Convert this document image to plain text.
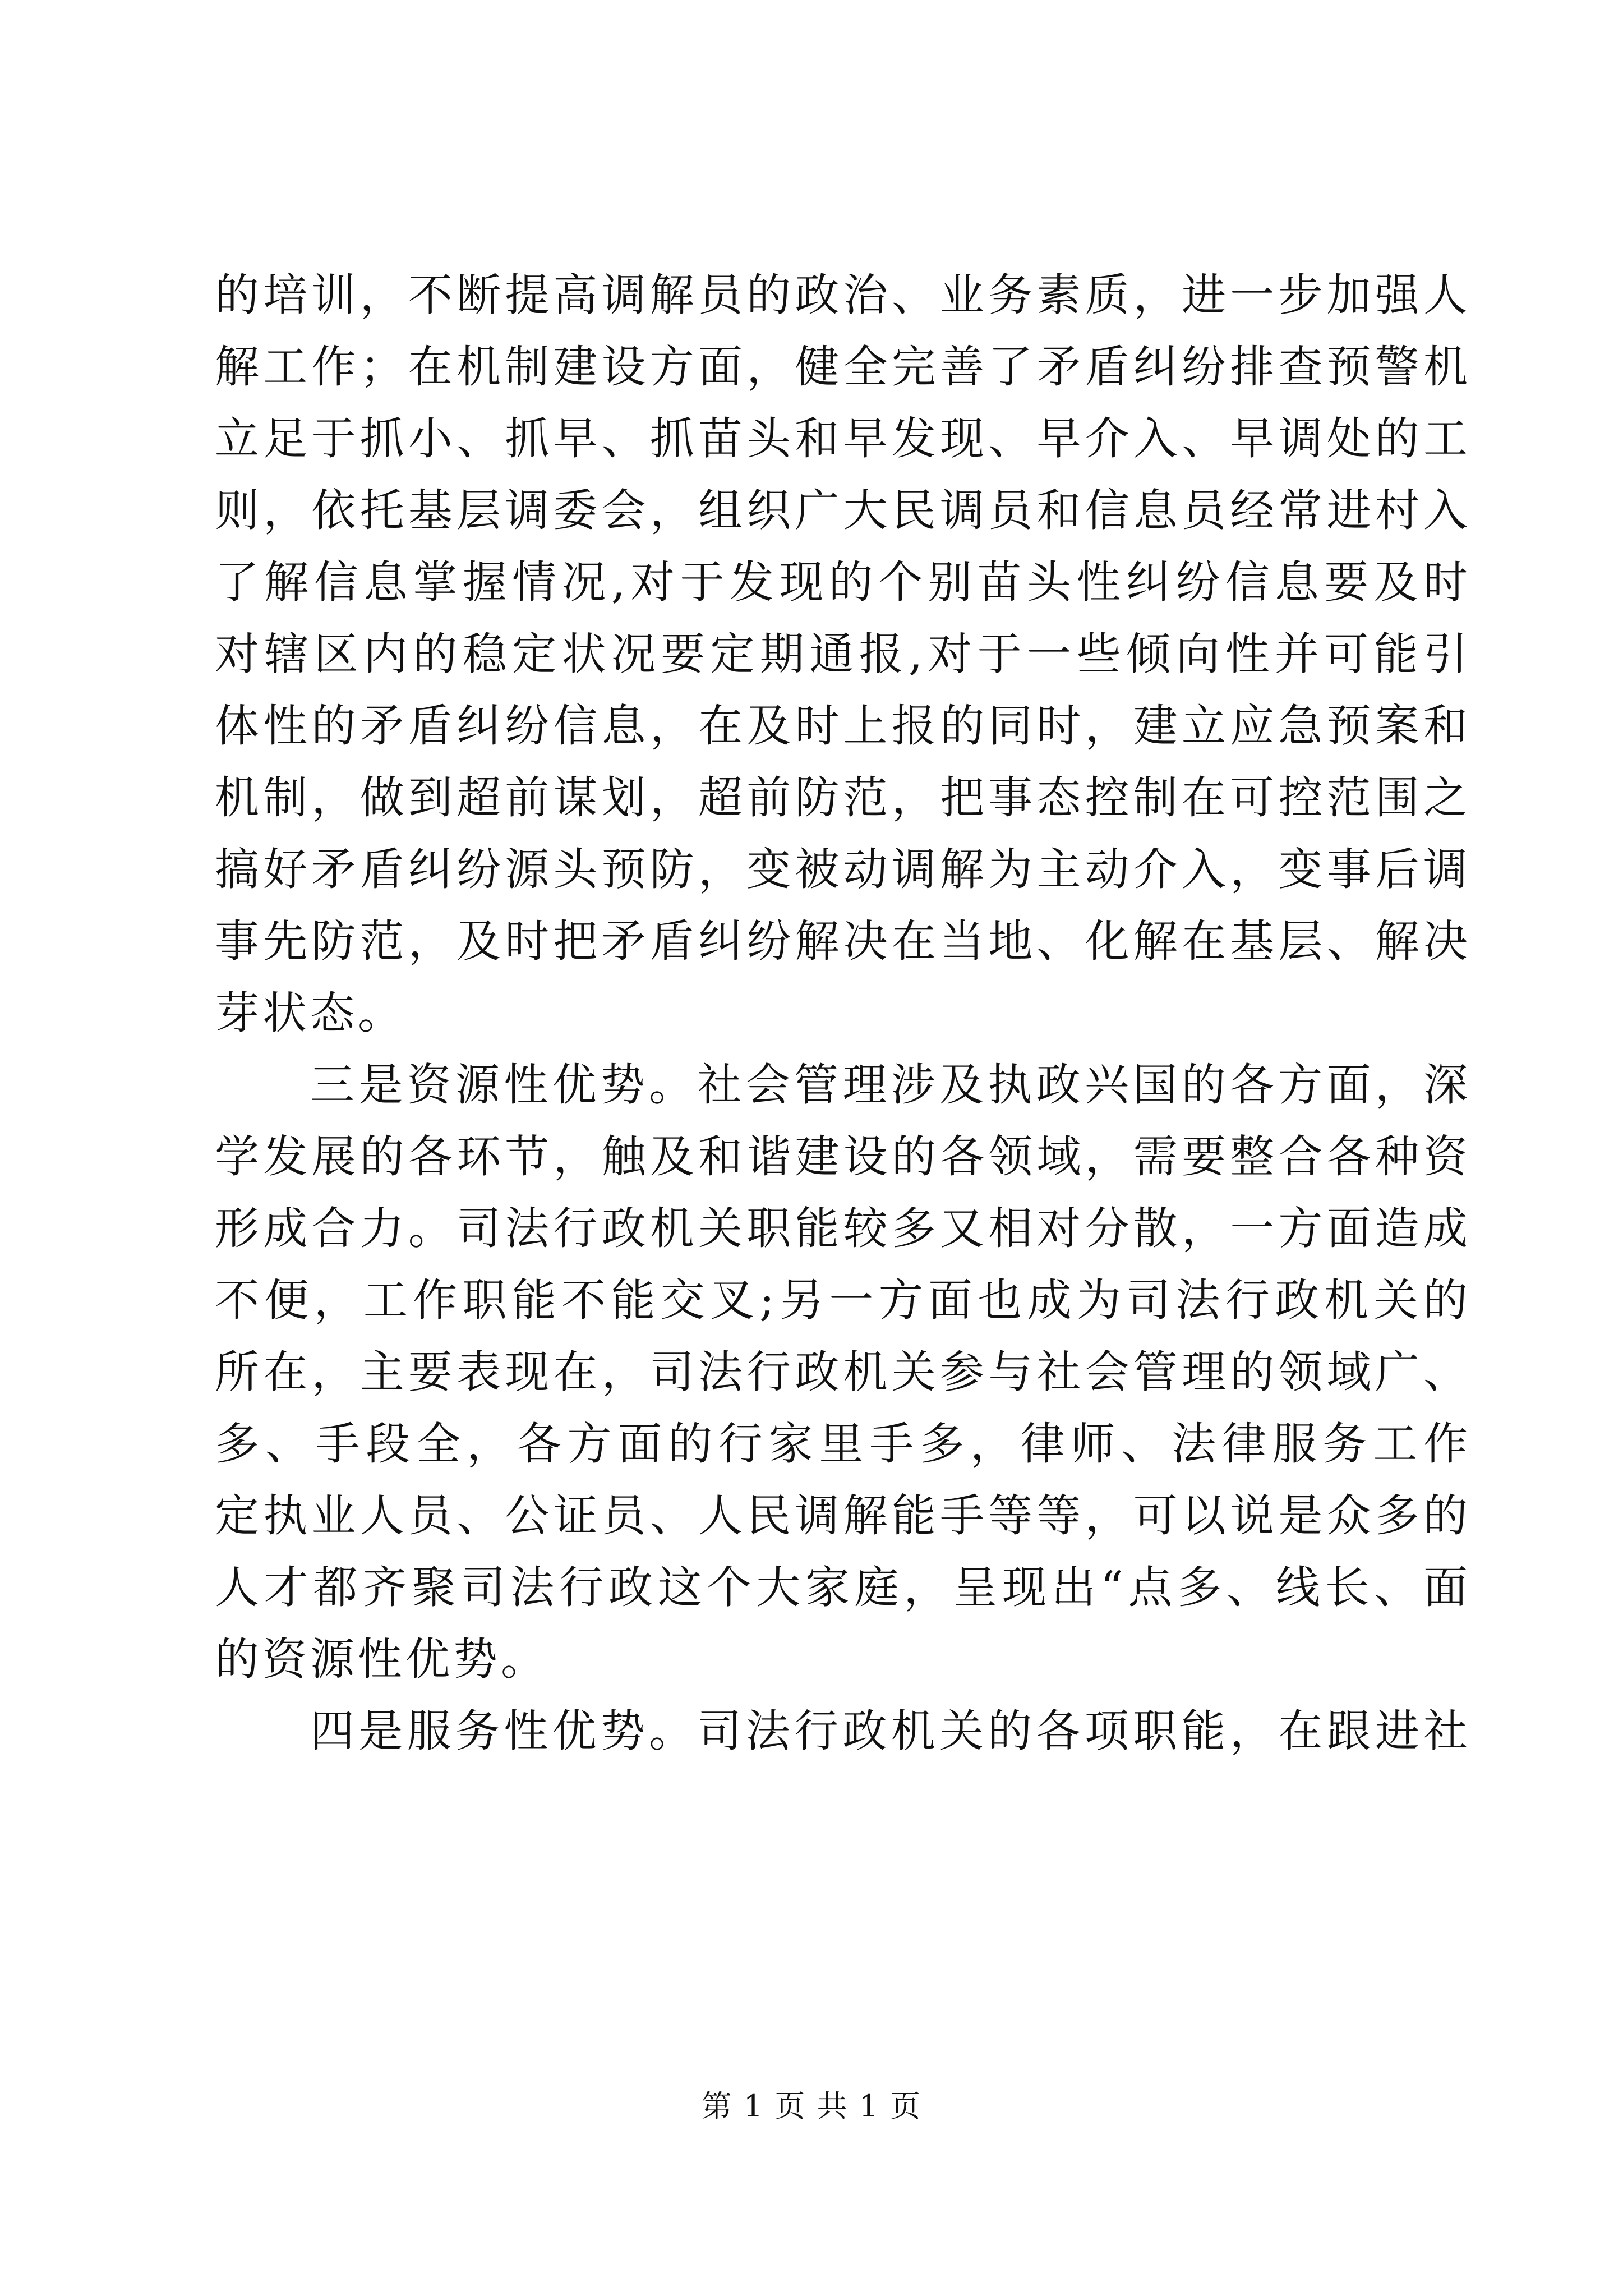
的培训，不断提高调解员的政治、业务素质，进一步加强人
解工作；在机制建设方面，健全完善了矛盾纠纷排查预警机
立足于抓小、抓早、抓苗头和早发现、早介入、早调处的工
则，依托基层调委会，组织广大民调员和信息员经常进村入
了解信息掌握情况,对于发现的个别苗头性纠纷信息要及时
对辖区内的稳定状况要定期通报,对于一些倾向性并可能引
体性的矛盾纠纷信息，在及时上报的同时，建立应急预案和
机制，做到超前谋划，超前防范，把事态控制在可控范围之
搞好矛盾纠纷源头预防，变被动调解为主动介入，变事后调
事先防范，及时把矛盾纠纷解决在当地、化解在基层、解决
芽状态。
三是资源性优势。社会管理涉及执政兴国的各方面，深
学发展的各环节，触及和谐建设的各领域，需要整合各种资
形成合力。司法行政机关职能较多又相对分散，一方面造成
不便，工作职能不能交叉;另一方面也成为司法行政机关的
所在，主要表现在，司法行政机关参与社会管理的领域广、
多、手段全，各方面的行家里手多，律师、法律服务工作
定执业人员、公证员、人民调解能手等等，可以说是众多的
人才都齐聚司法行政这个大家庭，呈现出“点多、线长、面
的资源性优势。
四是服务性优势。司法行政机关的各项职能，在跟进社
第 1 页 共 1 页
